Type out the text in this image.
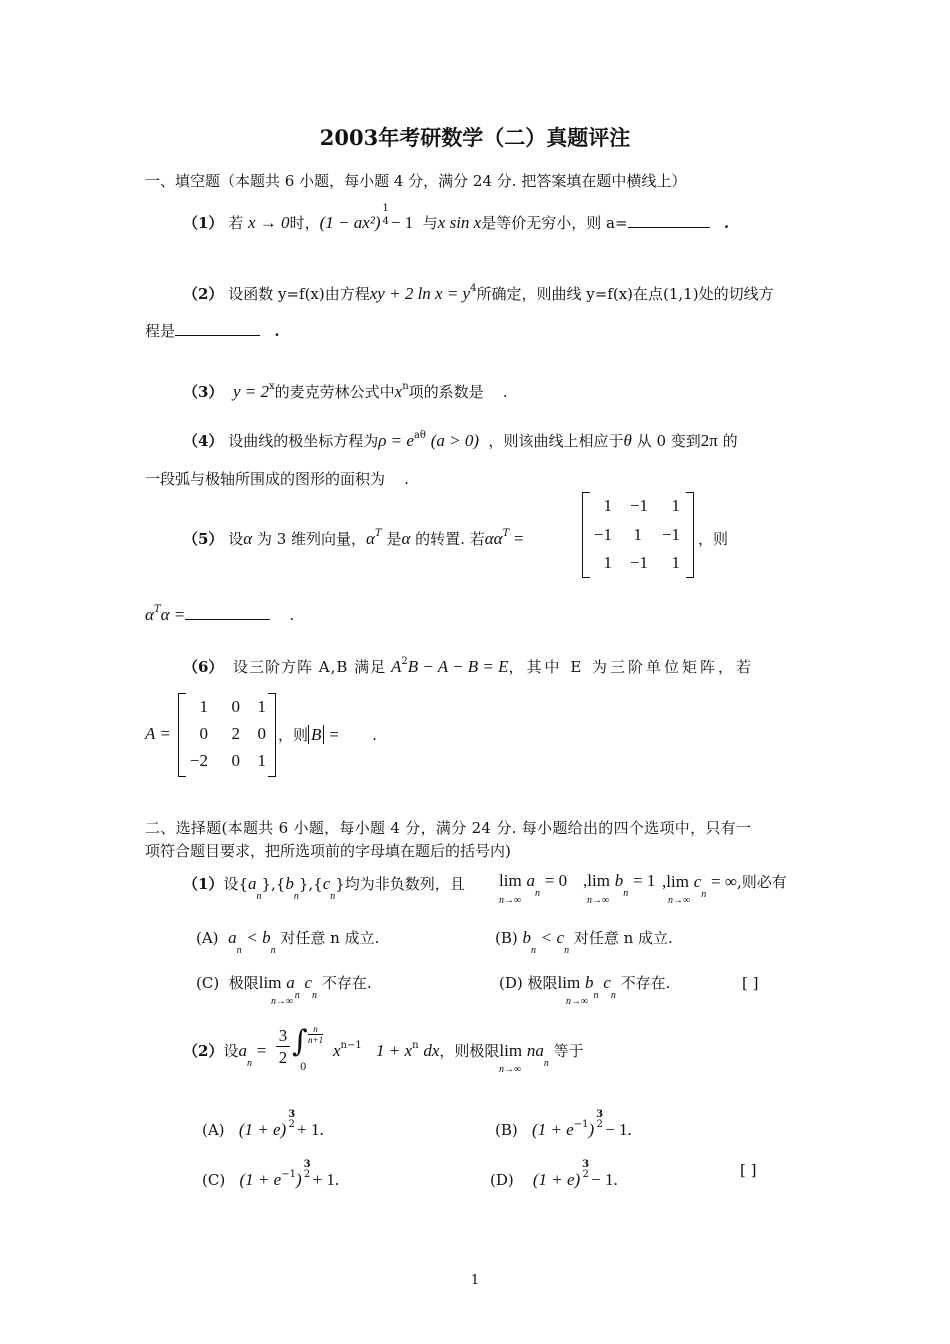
2003年考研数学（二）真题评注
一、填空题（本题共 6 小题，每小题 4 分，满分 24 分. 把答案填在题中横线上）
（1） 若 x → 0时，(1 − ax²)
1
4 − 1 与x sin x是等价无穷小，则 a=	.
（2） 设函数 y=f(x)由方程xy + 2 $\ln x = y^4$所确定，则曲线 y=f(x)在点(1,1)处的切线方
程是	.
（3） $y = 2^x$的麦克劳林公式中$x^n$项的系数是 .
（4） 设曲线的极坐标方程为$\rho = e^{a\theta}$ (a > 0) ，则该曲线上相应于θ 从 0 变到2π 的
一段弧与极轴所围成的图形的面积为 .
（5） 设α 为 3 维列向量，$\alpha^T$ 是α 的转置. 若$\alpha\alpha^T$ =
1	−1	1
−1	1	−1
1	−1	1
，则
$\alpha^T\alpha$ =	.
（6） 设三阶方阵 A,B 满足 $A^2B - A - B = E$，其中 E 为三阶单位矩阵，若
A =
1	0	1
0	2	0
−2	0	1
，则 B = .
二、选择题(本题共 6 小题，每小题 4 分，满分 24 分. 每小题给出的四个选项中，只有一
项符合题目要求，把所选项前的字母填在题后的括号内)
（1）设$\{a_n\},\{b_n\},\{c_n\}$均为非负数列，且 $\lim a_n = 0$
n→∞
,lim $b_n = 1$
n→∞
,lim $c_n$ = ∞,则必有
n→∞
(A) $a_n < b_n$ 对任意 n 成立.	(B) $b_n < c_n$ 对任意 n 成立.
(C) 极限$\lim a_n$ $c_n$ 不存在.
n→∞
(D) 极限$\lim b_n$ $c_n$ 不存在.
n→∞
[ ]
（2）设$a_n$ =
3
2 ∫ n
n+1
0
$x^{n-1}$ $1 + x^n$ dx，则极限$\lim na_n$ 等于
n→∞
(A) (1 + e)
3
2 + 1.	(B) $(1 + e^{-1})$
3
2 − 1.
(C) $(1 + e^{-1})$
3
2 + 1.	(D) (1 + e)
3
2 − 1.	[ ]
1
